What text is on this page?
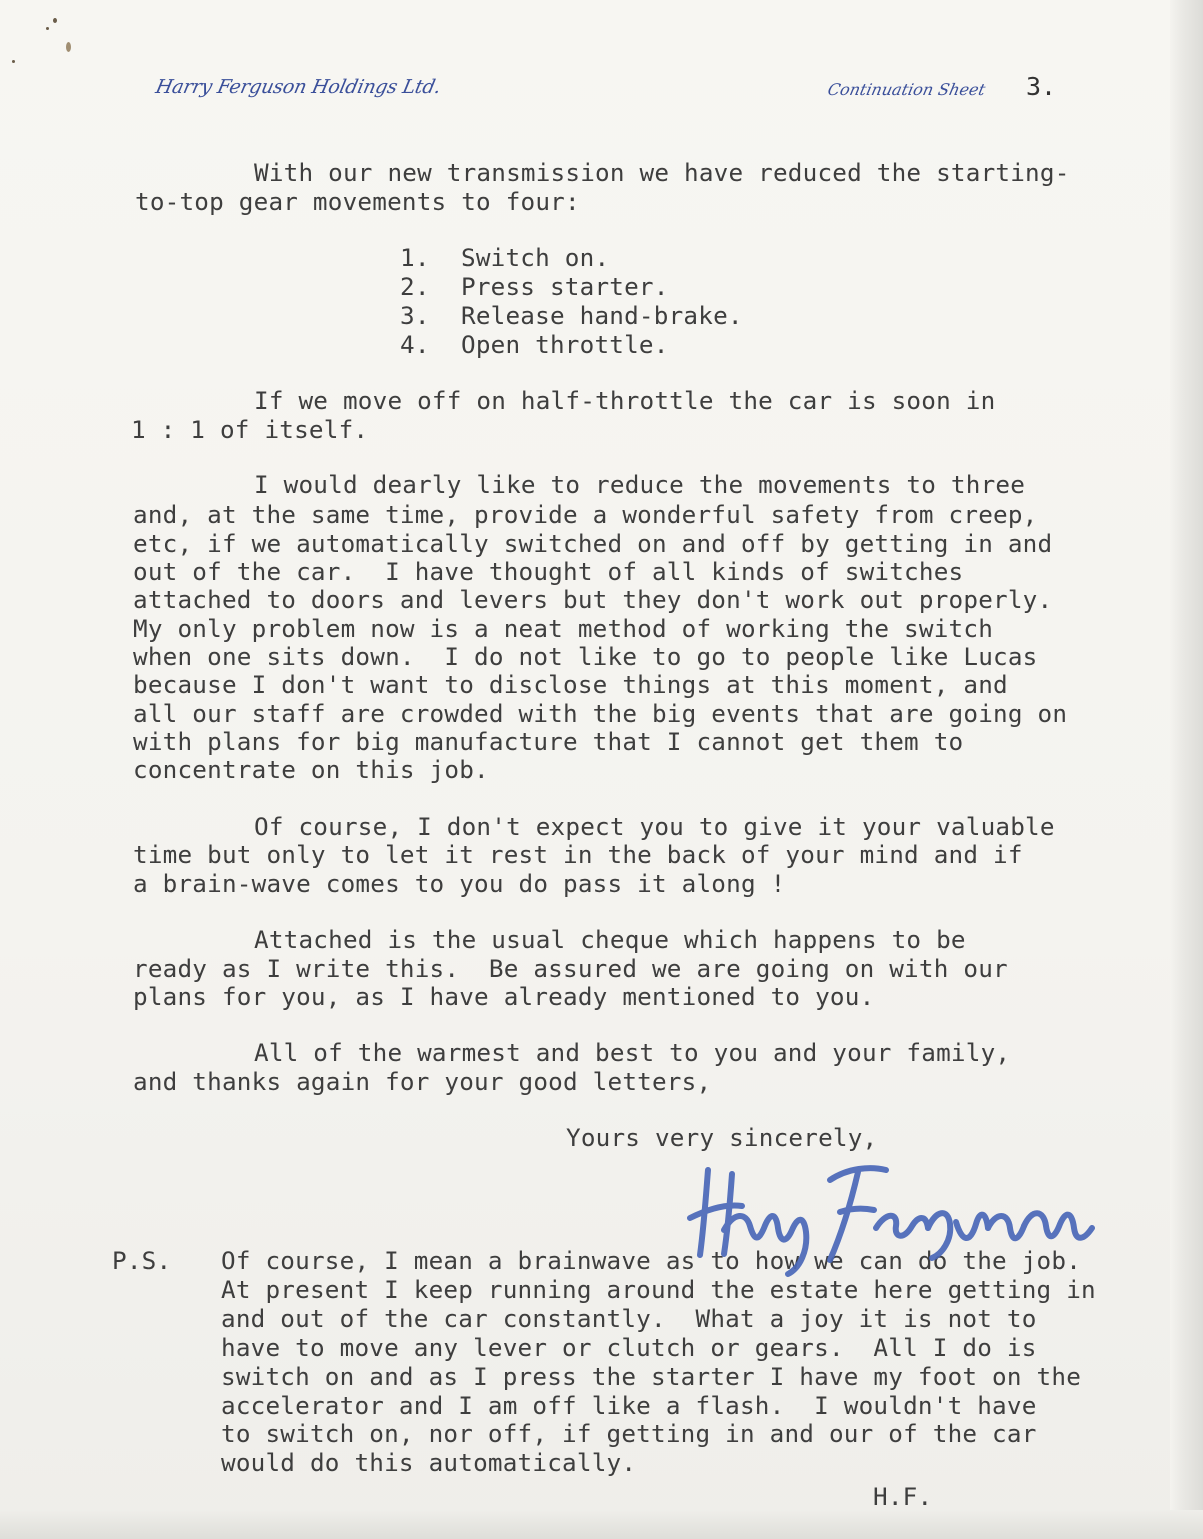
Harry Ferguson Holdings Ltd.	Continuation Sheet 3.
With our new transmission we have reduced the starting-
to-top gear movements to four:
1. Switch on.
2. Press starter.
3. Release hand-brake.
4. Open throttle.
If we move off on half-throttle the car is soon in
1 : 1 of itself.
I would dearly like to reduce the movements to three
and, at the same time, provide a wonderful safety from creep,
etc, if we automatically switched on and off by getting in and
out of the car.  I have thought of all kinds of switches
attached to doors and levers but they don't work out properly.
My only problem now is a neat method of working the switch
when one sits down.  I do not like to go to people like Lucas
because I don't want to disclose things at this moment, and
all our staff are crowded with the big events that are going on
with plans for big manufacture that I cannot get them to
concentrate on this job.
Of course, I don't expect you to give it your valuable
time but only to let it rest in the back of your mind and if
a brain-wave comes to you do pass it along !
Attached is the usual cheque which happens to be
ready as I write this.  Be assured we are going on with our
plans for you, as I have already mentioned to you.
All of the warmest and best to you and your family,
and thanks again for your good letters,
Yours very sincerely,
P.S. Of course, I mean a brainwave as to how we can do the job.
At present I keep running around the estate here getting in
and out of the car constantly.  What a joy it is not to
have to move any lever or clutch or gears.  All I do is
switch on and as I press the starter I have my foot on the
accelerator and I am off like a flash.  I wouldn't have
to switch on, nor off, if getting in and our of the car
would do this automatically.
H.F.
